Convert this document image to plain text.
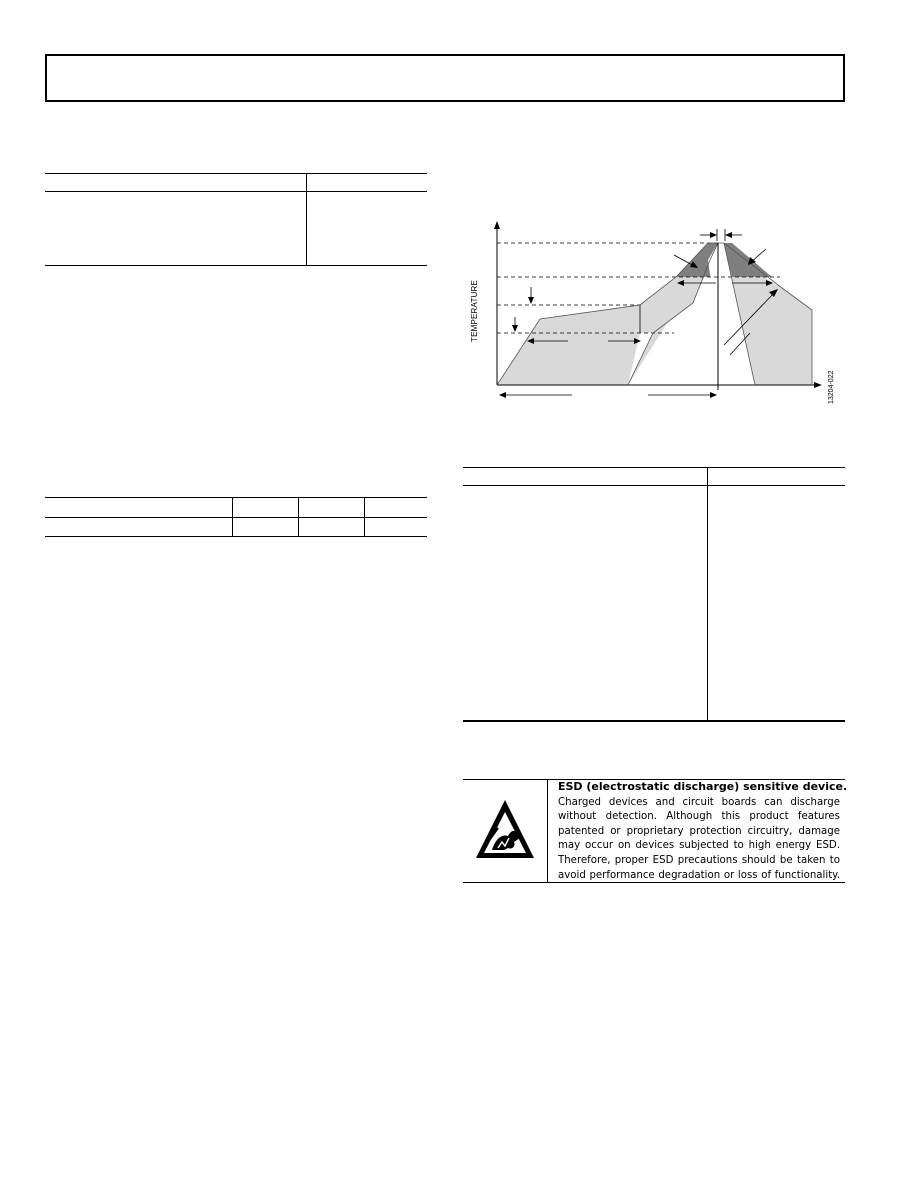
TEMPERATURE
13204-022
ESD (electrostatic discharge) sensitive device.
Charged devices and circuit boards can discharge
without detection. Although this product features
patented or proprietary protection circuitry, damage
may occur on devices subjected to high energy ESD.
Therefore, proper ESD precautions should be taken to
avoid performance degradation or loss of functionality.
